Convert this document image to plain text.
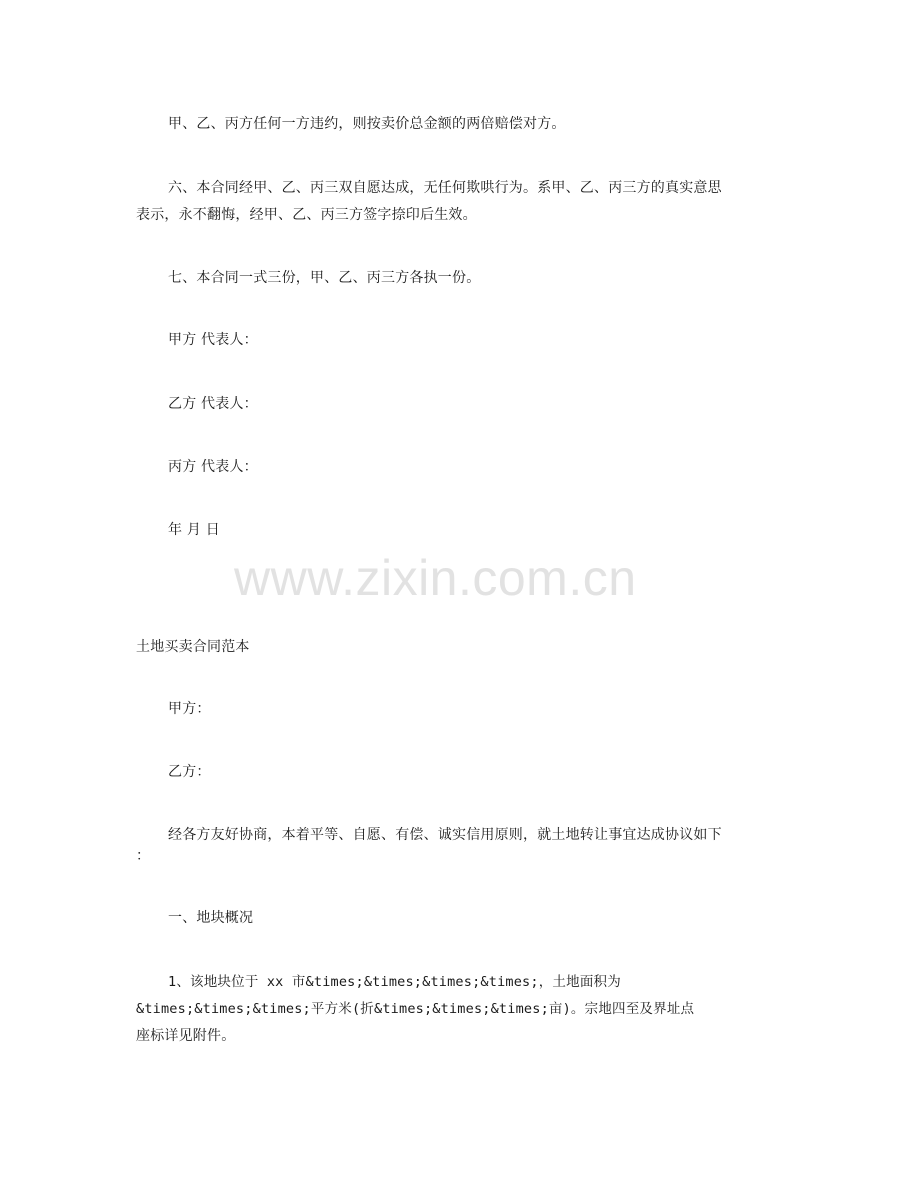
甲、乙、丙方任何一方违约，则按卖价总金额的两倍赔偿对方。
六、本合同经甲、乙、丙三双自愿达成，无任何欺哄行为。系甲、乙、丙三方的真实意思
表示，永不翻悔，经甲、乙、丙三方签字捺印后生效。
七、本合同一式三份，甲、乙、丙三方各执一份。
甲方 代表人：
乙方 代表人：
丙方 代表人：
年 月 日
www.zixin.com.cn
土地买卖合同范本
甲方：
乙方：
经各方友好协商，本着平等、自愿、有偿、诚实信用原则，就土地转让事宜达成协议如下
：
一、地块概况
1、该地块位于 xx 市&times;&times;&times;&times;，土地面积为
&times;&times;&times;平方米(折&times;&times;&times;亩)。宗地四至及界址点
座标详见附件。
